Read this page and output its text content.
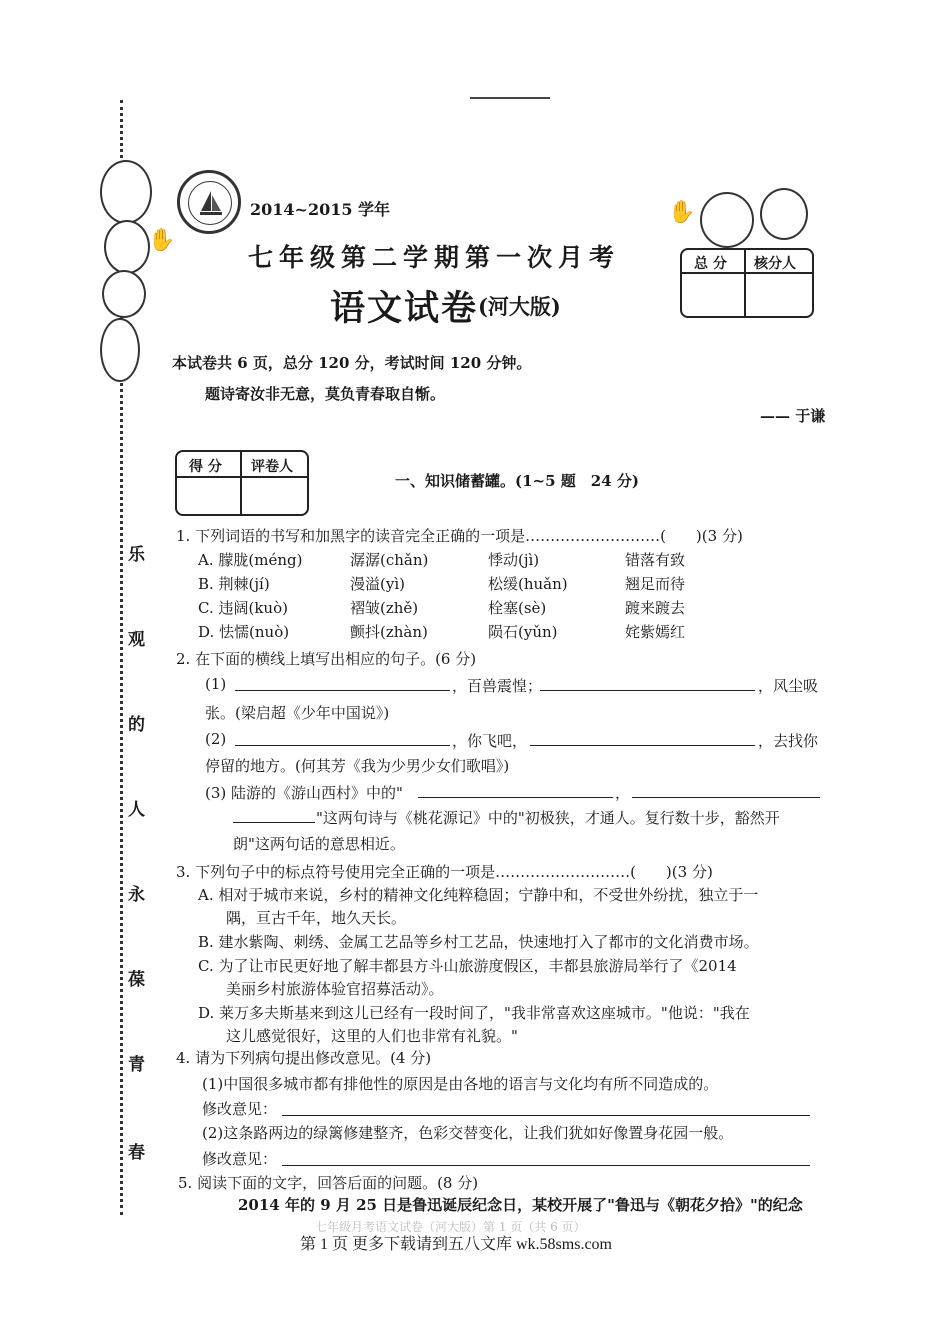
✋
乐
观
的
人
永
葆
青
春
2014~2015 学年
七年级第二学期第一次月考
语文试卷 (河大版)
✋
总 分 核分人
本试卷共 6 页，总分 120 分，考试时间 120 分钟。
题诗寄汝非无意，莫负青春取自惭。
—— 于谦
得 分 评卷人
一、知识储蓄罐。(1~5 题　24 分)
1. 下列词语的书写和加黑字的读音完全正确的一项是………………………(　　)(3 分)
A. 朦胧(méng)	潺潺(chǎn)	悸动(jì)	错落有致
B. 荆棘(jí)	漫溢(yì)	松缓(huǎn)	翘足而待
C. 违阔(kuò)	褶皱(zhě)	栓塞(sè)	踱来踱去
D. 怯懦(nuò)	颤抖(zhàn)	陨石(yǔn)	姹紫嫣红
2. 在下面的横线上填写出相应的句子。(6 分)
(1)	，百兽震惶；	，风尘吸
张。(梁启超《少年中国说》)
(2)	，你飞吧，	，去找你
停留的地方。(何其芳《我为少男少女们歌唱》)
(3) 陆游的《游山西村》中的"	，
"这两句诗与《桃花源记》中的"初极狭，才通人。复行数十步，豁然开
朗"这两句话的意思相近。
3. 下列句子中的标点符号使用完全正确的一项是………………………(　　)(3 分)
A. 相对于城市来说，乡村的精神文化纯粹稳固；宁静中和，不受世外纷扰，独立于一
隅，亘古千年，地久天长。
B. 建水紫陶、刺绣、金属工艺品等乡村工艺品，快速地打入了都市的文化消费市场。
C. 为了让市民更好地了解丰都县方斗山旅游度假区，丰都县旅游局举行了《2014
美丽乡村旅游体验官招募活动》。
D. 莱万多夫斯基来到这儿已经有一段时间了，"我非常喜欢这座城市。"他说："我在
这儿感觉很好，这里的人们也非常有礼貌。"
4. 请为下列病句提出修改意见。(4 分)
(1)中国很多城市都有排他性的原因是由各地的语言与文化均有所不同造成的。
修改意见：
(2)这条路两边的绿篱修建整齐，色彩交替变化，让我们犹如好像置身花园一般。
修改意见：
5. 阅读下面的文字，回答后面的问题。(8 分)
2014 年的 9 月 25 日是鲁迅诞辰纪念日，某校开展了"鲁迅与《朝花夕拾》"的纪念
七年级月考语文试卷（河大版）第 1 页（共 6 页）
第 1 页 更多下载请到五八文库 wk.58sms.com
